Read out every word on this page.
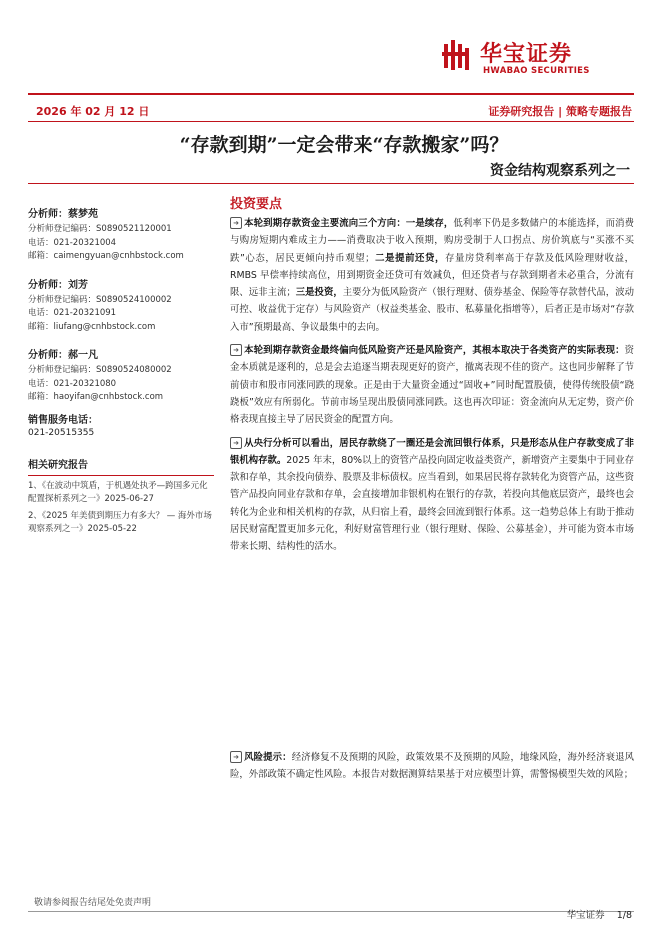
华宝证券
HWABAO SECURITIES
2026 年 02 月 12 日	证券研究报告 | 策略专题报告
“存款到期”一定会带来“存款搬家”吗？
资金结构观察系列之一
分析师：蔡梦苑
分析师登记编码：S0890521120001
电话：021-20321004
邮箱：caimengyuan@cnhbstock.com
分析师：刘芳
分析师登记编码：S0890524100002
电话：021-20321091
邮箱：liufang@cnhbstock.com
分析师：郝一凡
分析师登记编码：S0890524080002
电话：021-20321080
邮箱：haoyifan@cnhbstock.com
销售服务电话：
021-20515355
相关研究报告
1、《在波动中筑盾，于机遇处执矛—跨国多元化配置探析系列之一》2025-06-27
2、《2025 年美债到期压力有多大？ — 海外市场观察系列之一》2025-05-22
投资要点
➜ 本轮到期存款资金主要流向三个方向：一是续存，低利率下仍是多数储户的本能选择，而消费与购房短期内难成主力——消费取决于收入预期，购房受制于人口拐点、房价筑底与“买涨不买跌”心态，居民更倾向持币观望；二是提前还贷，存量房贷利率高于存款及低风险理财收益，RMBS 早偿率持续高位，用到期资金还贷可有效减负，但还贷者与存款到期者未必重合，分流有限、远非主流；三是投资，主要分为低风险资产（银行理财、债券基金、保险等存款替代品，波动可控、收益优于定存）与风险资产（权益类基金、股市、私募量化指增等），后者正是市场对“存款入市”预期最高、争议最集中的去向。
➜ 本轮到期存款资金最终偏向低风险资产还是风险资产，其根本取决于各类资产的实际表现：资金本质就是逐利的，总是会去追逐当期表现更好的资产，撤离表现不佳的资产。这也同步解释了节前债市和股市同涨同跌的现象。正是由于大量资金通过“固收+”同时配置股债，使得传统股债“跷跷板”效应有所弱化。节前市场呈现出股债同涨同跌。这也再次印证：资金流向从无定势，资产价格表现直接主导了居民资金的配置方向。
➜ 从央行分析可以看出，居民存款绕了一圈还是会流回银行体系，只是形态从住户存款变成了非银机构存款。2025 年末，80%以上的资管产品投向固定收益类资产，新增资产主要集中于同业存款和存单，其余投向债券、股票及非标债权。应当看到，如果居民将存款转化为资管产品，这些资管产品投向同业存款和存单，会直接增加非银机构在银行的存款，若投向其他底层资产，最终也会转化为企业和相关机构的存款，从归宿上看，最终会回流到银行体系。这一趋势总体上有助于推动居民财富配置更加多元化，利好财富管理行业（银行理财、保险、公募基金），并可能为资本市场带来长期、结构性的活水。
➜ 风险提示：经济修复不及预期的风险，政策效果不及预期的风险，地缘风险，海外经济衰退风险，外部政策不确定性风险。本报告对数据测算结果基于对应模型计算，需警惕模型失效的风险；
敬请参阅报告结尾处免责声明
华宝证券 1/8
